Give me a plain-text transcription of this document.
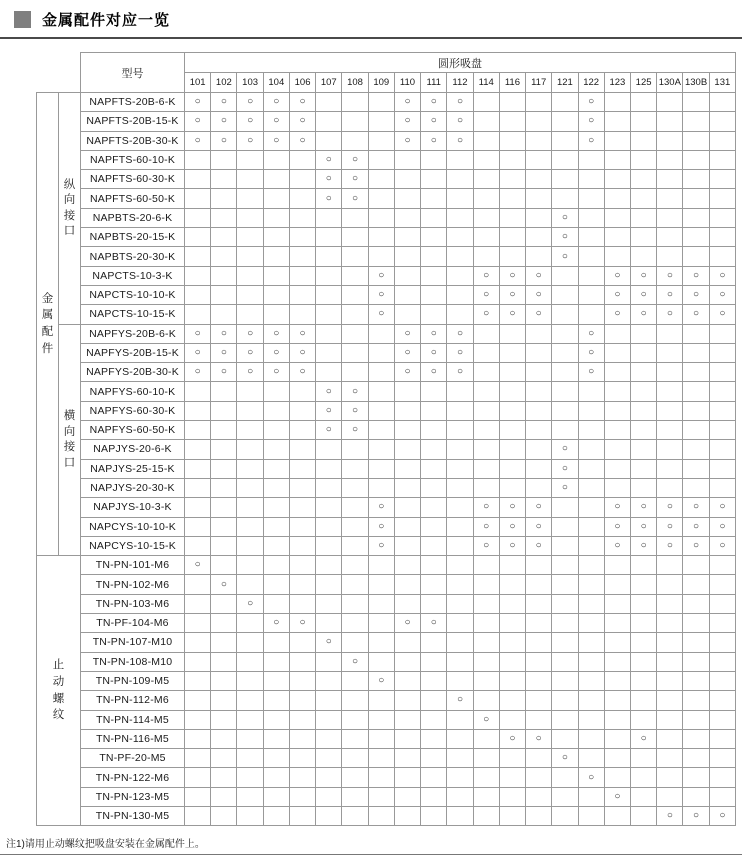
金属配件对应一览
		型号	圆形吸盘																				
			101	102	103	104	106	107	108	109	110	111	112	114	116	117	121	122	123	125	130A	130B	131

金
属
配
件

纵
向
接
口
	NAPFTS-20B-6-K	○	○	○	○	○				○	○	○					○					
		NAPFTS-20B-15-K	○	○	○	○	○				○	○	○					○					
		NAPFTS-20B-30-K	○	○	○	○	○				○	○	○					○					
		NAPFTS-60-10-K						○	○														
		NAPFTS-60-30-K						○	○														
		NAPFTS-60-50-K						○	○														
		NAPBTS-20-6-K															○						
		NAPBTS-20-15-K															○						
		NAPBTS-20-30-K															○						
		NAPCTS-10-3-K								○				○	○	○			○	○	○	○	○
		NAPCTS-10-10-K								○				○	○	○			○	○	○	○	○
		NAPCTS-10-15-K								○				○	○	○			○	○	○	○	○

	横
向
接
口	NAPFYS-20B-6-K	○	○	○	○	○				○	○	○					○					
		NAPFYS-20B-15-K	○	○	○	○	○				○	○	○					○					
		NAPFYS-20B-30-K	○	○	○	○	○				○	○	○					○					
		NAPFYS-60-10-K						○	○														
		NAPFYS-60-30-K						○	○														
		NAPFYS-60-50-K						○	○														
		NAPJYS-20-6-K															○						
		NAPJYS-25-15-K															○						
		NAPJYS-20-30-K															○						
		NAPJYS-10-3-K								○				○	○	○			○	○	○	○	○
		NAPCYS-10-10-K								○				○	○	○			○	○	○	○	○
		NAPCYS-10-15-K								○				○	○	○			○	○	○	○	○

止
动
螺
纹		TN-PN-101-M6	○																				
		TN-PN-102-M6		○																			
		TN-PN-103-M6			○																		
		TN-PF-104-M6				○	○				○	○											
		TN-PN-107-M10						○															
		TN-PN-108-M10							○														
		TN-PN-109-M5								○													
		TN-PN-112-M6											○										
		TN-PN-114-M5												○									
		TN-PN-116-M5													○	○				○			
		TN-PF-20-M5															○						
		TN-PN-122-M6																○					
		TN-PN-123-M5																	○				
		TN-PN-130-M5																			○	○	○
注1)请用止动螺纹把吸盘安装在金属配件上。
